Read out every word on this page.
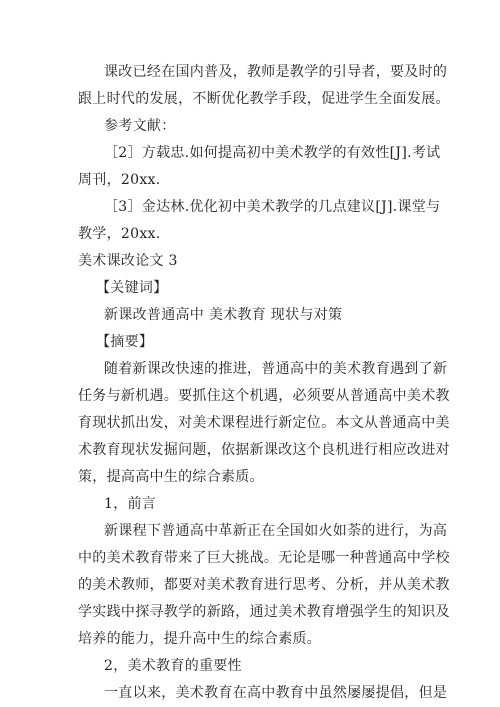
课改已经在国内普及，教师是教学的引导者，要及时的
跟上时代的发展，不断优化教学手段，促进学生全面发展。
参考文献：
［2］方载忠.如何提高初中美术教学的有效性[J].考试
周刊，20xx.
［3］金达林.优化初中美术教学的几点建议[J].课堂与
教学，20xx.
美术课改论文 3
【关键词】
新课改普通高中 美术教育 现状与对策
【摘要】
随着新课改快速的推进，普通高中的美术教育遇到了新
任务与新机遇。要抓住这个机遇，必须要从普通高中美术教
育现状抓出发，对美术课程进行新定位。本文从普通高中美
术教育现状发掘问题，依据新课改这个良机进行相应改进对
策，提高高中生的综合素质。
1，前言
新课程下普通高中革新正在全国如火如荼的进行，为高
中的美术教育带来了巨大挑战。无论是哪一种普通高中学校
的美术教师，都要对美术教育进行思考、分析，并从美术教
学实践中探寻教学的新路，通过美术教育增强学生的知识及
培养的能力，提升高中生的综合素质。
2，美术教育的重要性
一直以来，美术教育在高中教育中虽然屡屡提倡，但是
